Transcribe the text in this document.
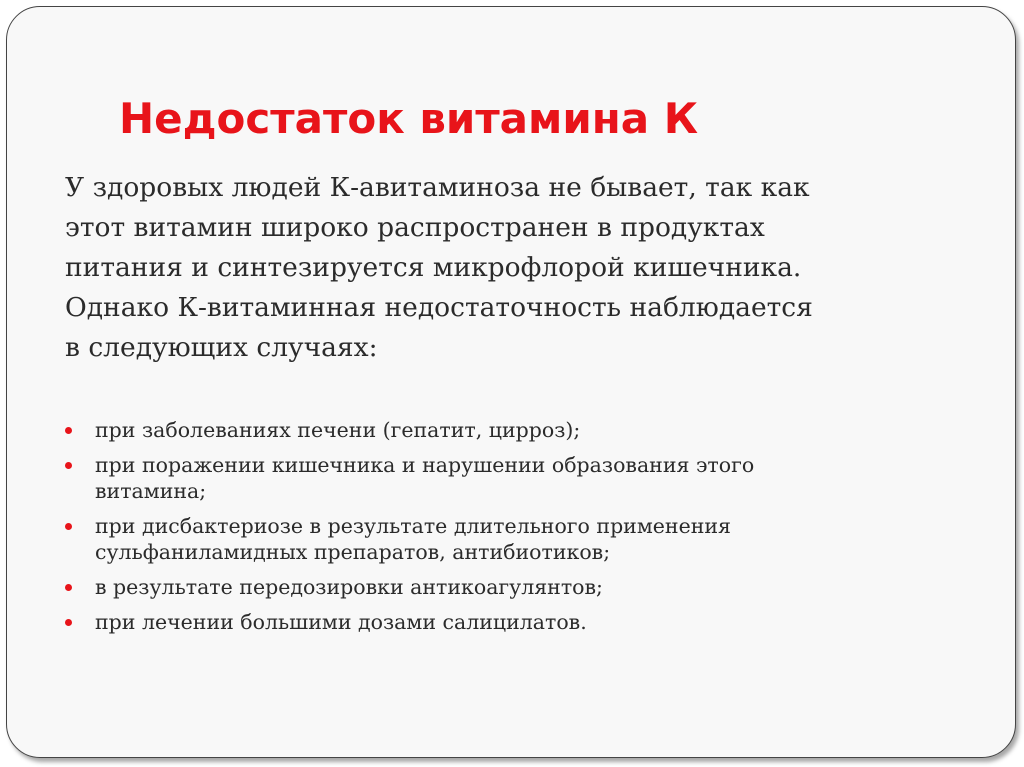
Недостаток витамина К

У здоровых людей К-авитаминоза не бывает, так как
этот витамин широко распространен в продуктах
питания и синтезируется микрофлорой кишечника.
Однако К-витаминная недостаточность наблюдается
в следующих случаях:

при заболеваниях печени (гепатит, цирроз);
при поражении кишечника и нарушении образования этого
витамина;
при дисбактериозе в результате длительного применения
сульфаниламидных препаратов, антибиотиков;
в результате передозировки антикоагулянтов;
при лечении большими дозами салицилатов.
